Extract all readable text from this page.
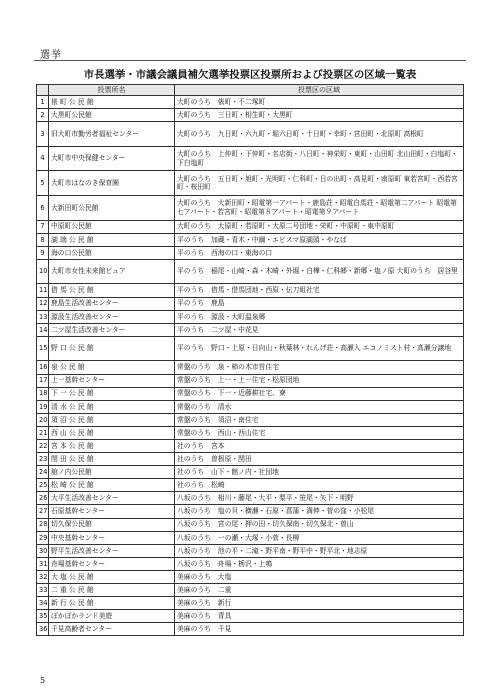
選挙
市長選挙・市議会議員補欠選挙投票区投票所および投票区の区域一覧表
	投票所名	投票区の区域
1	俵 町 公 民 館	大町のうち　俵町・不二塚町
2	大黒町公民館	大町のうち　三日町・相生町・大黒町
3	旧大町市勤労者福祉センター	大町のうち　九日町・六九町・堀六日町・十日町・幸町・宮田町・北原町 高根町
4	大町市中央保健センター	大町のうち　上仲町・下仲町・名店街・八日町・神栄町・東町・山田町 北山田町・白塩町・下白塩町
5	大町市はなのき保育園	大町のうち　五日町・旭町・光明町・仁科町・日の出町・高見町・南原町 東若宮町・西若宮町・桜田町
6	大新田町公民館	大町のうち　大新田町・昭電第一アパート・鹿島荘・昭電白馬荘・昭電第二アパート 昭電第七アパート・若宮町・昭電第８アパート・昭電第９アパート
7	中原町公民館	大町のうち　大原町・若原町・大原二号団地・栄町・中原町・東中原町
8	湖 端 公 民 館	平のうち　加蔵・青木・中綱・エビスマ原湖頭・やなば
9	海の口公民館	平のうち　西海の口・東海の口
10	大町市女性未来館ピュア	平のうち　稲尾・山崎・森・木崎・外堀・白樺・仁科郷・新郷・塩ノ原 大町のうち　居谷里
11	借 馬 公 民 館	平のうち　借馬・借馬団地・西原・伝刀組社宅
12	鹿島生活改善センター	平のうち　鹿島
13	源汲生活改善センター	平のうち　源汲・大町温泉郷
14	二ツ屋生活改善センター	平のうち　二ツ屋・中花見
15	野 口 公 民 館	平のうち　野口・上原・日向山・秋葉林・れんげ荘・高瀬入 エコノミスト村・高瀬分譲地
16	泉 公 民 館	常盤のうち　泉・柿の木市営住宅
17	上一基幹センター	常盤のうち　上一・上一住宅・松原団地
18	下 一 公 民 館	常盤のうち　下一・近藤耕社宅、寮
19	清 水 公 民 館	常盤のうち　清水
20	須 沼 公 民 館	常盤のうち　須沼・南住宅
21	西 山 公 民 館	常盤のうち　西山・西山住宅
22	宮 本 公 民 館	社のうち　宮本
23	閏 田 公 民 館	社のうち　曽根原・閏田
24	舘ノ内公民館	社のうち　山下・館ノ内・社団地
25	松 崎 公 民 館	社のうち　松崎
26	大平生活改善センター	八坂のうち　相川・藤尾・大平・梨平・笹尾・矢下・明野
27	石原基幹センター	八坂のうち　塩の貝・横瀬・石原・菖蒲・満伸・菅の窪・小松尾
28	切久保公民館	八坂のうち　宮の尾・押の田・切久保南・切久保北・曽山
29	中央基幹センター	八坂のうち　一の瀬・大塚・小菅・長柳
30	野平生活改善センター	八坂のうち　池の平・二滝・野平南・野平中・野平北・地志原
31	舟場基幹センター	八坂のうち　舟場・栃沢・上鳴
32	大 塩 公 民 館	美麻のうち　大塩
33	二 重 公 民 館	美麻のうち　二重
34	新 行 公 民 館	美麻のうち　新行
35	ぽかぽかランド美遊	美麻のうち　青具
36	千見高齢者センター	美麻のうち　千見
5
